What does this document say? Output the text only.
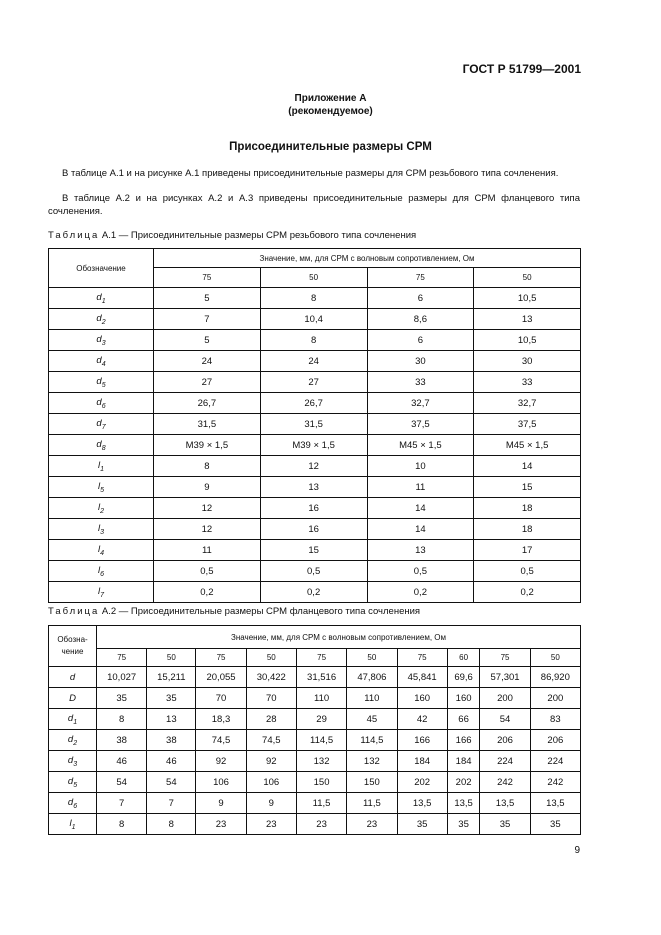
ГОСТ Р 51799—2001
Приложение А
(рекомендуемое)
Присоединительные размеры СРМ
В таблице А.1 и на рисунке А.1 приведены присоединительные размеры для СРМ резьбового типа сочленения.
В таблице А.2 и на рисунках А.2 и А.3 приведены присоединительные размеры для СРМ фланцевого типа сочленения.
Таблица А.1 — Присоединительные размеры СРМ резьбового типа сочленения
Обозначение	Значение, мм, для СРМ с волновым сопротивлением, Ом			
	75	50	75	50
$d_1$	5	8	6	10,5
$d_2$	7	10,4	8,6	13
$d_3$	5	8	6	10,5
$d_4$	24	24	30	30
$d_5$	27	27	33	33
$d_6$	26,7	26,7	32,7	32,7
$d_7$	31,5	31,5	37,5	37,5
$d_8$	M39 × 1,5	M39 × 1,5	M45 × 1,5	M45 × 1,5
$l_1$	8	12	10	14
$l_5$	9	13	11	15
$l_2$	12	16	14	18
$l_3$	12	16	14	18
$l_4$	11	15	13	17
$l_6$	0,5	0,5	0,5	0,5
$l_7$	0,2	0,2	0,2	0,2
Таблица А.2 — Присоединительные размеры СРМ фланцевого типа сочленения
Обозна-
чение	Значение, мм, для СРМ с волновым сопротивлением, Ом									
	75	50	75	50	75	50	75	60	75	50
d	10,027	15,211	20,055	30,422	31,516	47,806	45,841	69,6	57,301	86,920
D	35	35	70	70	110	110	160	160	200	200
$d_1$	8	13	18,3	28	29	45	42	66	54	83
$d_2$	38	38	74,5	74,5	114,5	114,5	166	166	206	206
$d_3$	46	46	92	92	132	132	184	184	224	224
$d_5$	54	54	106	106	150	150	202	202	242	242
$d_6$	7	7	9	9	11,5	11,5	13,5	13,5	13,5	13,5
$l_1$	8	8	23	23	23	23	35	35	35	35
9
